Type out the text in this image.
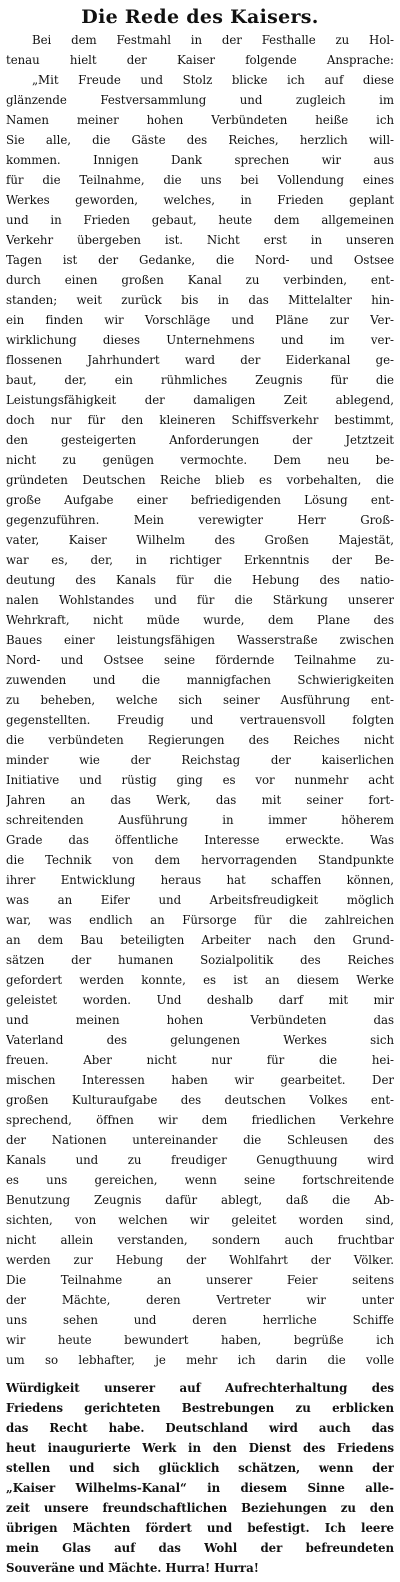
Die Rede des Kaisers.
Bei dem Festmahl in der Festhalle zu Hol-
tenau hielt der Kaiser folgende Ansprache:
„Mit Freude und Stolz blicke ich auf diese
glänzende Festversammlung und zugleich im
Namen meiner hohen Verbündeten heiße ich
Sie alle, die Gäste des Reiches, herzlich will-
kommen. Innigen Dank sprechen wir aus
für die Teilnahme, die uns bei Vollendung eines
Werkes geworden, welches, in Frieden geplant
und in Frieden gebaut, heute dem allgemeinen
Verkehr übergeben ist. Nicht erst in unseren
Tagen ist der Gedanke, die Nord- und Ostsee
durch einen großen Kanal zu verbinden, ent-
standen; weit zurück bis in das Mittelalter hin-
ein finden wir Vorschläge und Pläne zur Ver-
wirklichung dieses Unternehmens und im ver-
flossenen Jahrhundert ward der Eiderkanal ge-
baut, der, ein rühmliches Zeugnis für die
Leistungsfähigkeit der damaligen Zeit ablegend,
doch nur für den kleineren Schiffsverkehr bestimmt,
den gesteigerten Anforderungen der Jetztzeit
nicht zu genügen vermochte. Dem neu be-
gründeten Deutschen Reiche blieb es vorbehalten, die
große Aufgabe einer befriedigenden Lösung ent-
gegenzuführen. Mein verewigter Herr Groß-
vater, Kaiser Wilhelm des Großen Majestät,
war es, der, in richtiger Erkenntnis der Be-
deutung des Kanals für die Hebung des natio-
nalen Wohlstandes und für die Stärkung unserer
Wehrkraft, nicht müde wurde, dem Plane des
Baues einer leistungsfähigen Wasserstraße zwischen
Nord- und Ostsee seine fördernde Teilnahme zu-
zuwenden und die mannigfachen Schwierigkeiten
zu beheben, welche sich seiner Ausführung ent-
gegenstellten. Freudig und vertrauensvoll folgten
die verbündeten Regierungen des Reiches nicht
minder wie der Reichstag der kaiserlichen
Initiative und rüstig ging es vor nunmehr acht
Jahren an das Werk, das mit seiner fort-
schreitenden Ausführung in immer höherem
Grade das öffentliche Interesse erweckte. Was
die Technik von dem hervorragenden Standpunkte
ihrer Entwicklung heraus hat schaffen können,
was an Eifer und Arbeitsfreudigkeit möglich
war, was endlich an Fürsorge für die zahlreichen
an dem Bau beteiligten Arbeiter nach den Grund-
sätzen der humanen Sozialpolitik des Reiches
gefordert werden konnte, es ist an diesem Werke
geleistet worden. Und deshalb darf mit mir
und meinen hohen Verbündeten das
Vaterland des gelungenen Werkes sich
freuen. Aber nicht nur für die hei-
mischen Interessen haben wir gearbeitet. Der
großen Kulturaufgabe des deutschen Volkes ent-
sprechend, öffnen wir dem friedlichen Verkehre
der Nationen untereinander die Schleusen des
Kanals und zu freudiger Genugthuung wird
es uns gereichen, wenn seine fortschreitende
Benutzung Zeugnis dafür ablegt, daß die Ab-
sichten, von welchen wir geleitet worden sind,
nicht allein verstanden, sondern auch fruchtbar
werden zur Hebung der Wohlfahrt der Völker.
Die Teilnahme an unserer Feier seitens
der Mächte, deren Vertreter wir unter
uns sehen und deren herrliche Schiffe
wir heute bewundert haben, begrüße ich
um so lebhafter, je mehr ich darin die volle
Würdigkeit unserer auf Aufrechterhaltung des
Friedens gerichteten Bestrebungen zu erblicken
das Recht habe. Deutschland wird auch das
heut inaugurierte Werk in den Dienst des Friedens
stellen und sich glücklich schätzen, wenn der
„Kaiser Wilhelms-Kanal“ in diesem Sinne alle-
zeit unsere freundschaftlichen Beziehungen zu den
übrigen Mächten fördert und befestigt. Ich leere
mein Glas auf das Wohl der befreundeten
Souveräne und Mächte. Hurra! Hurra!
